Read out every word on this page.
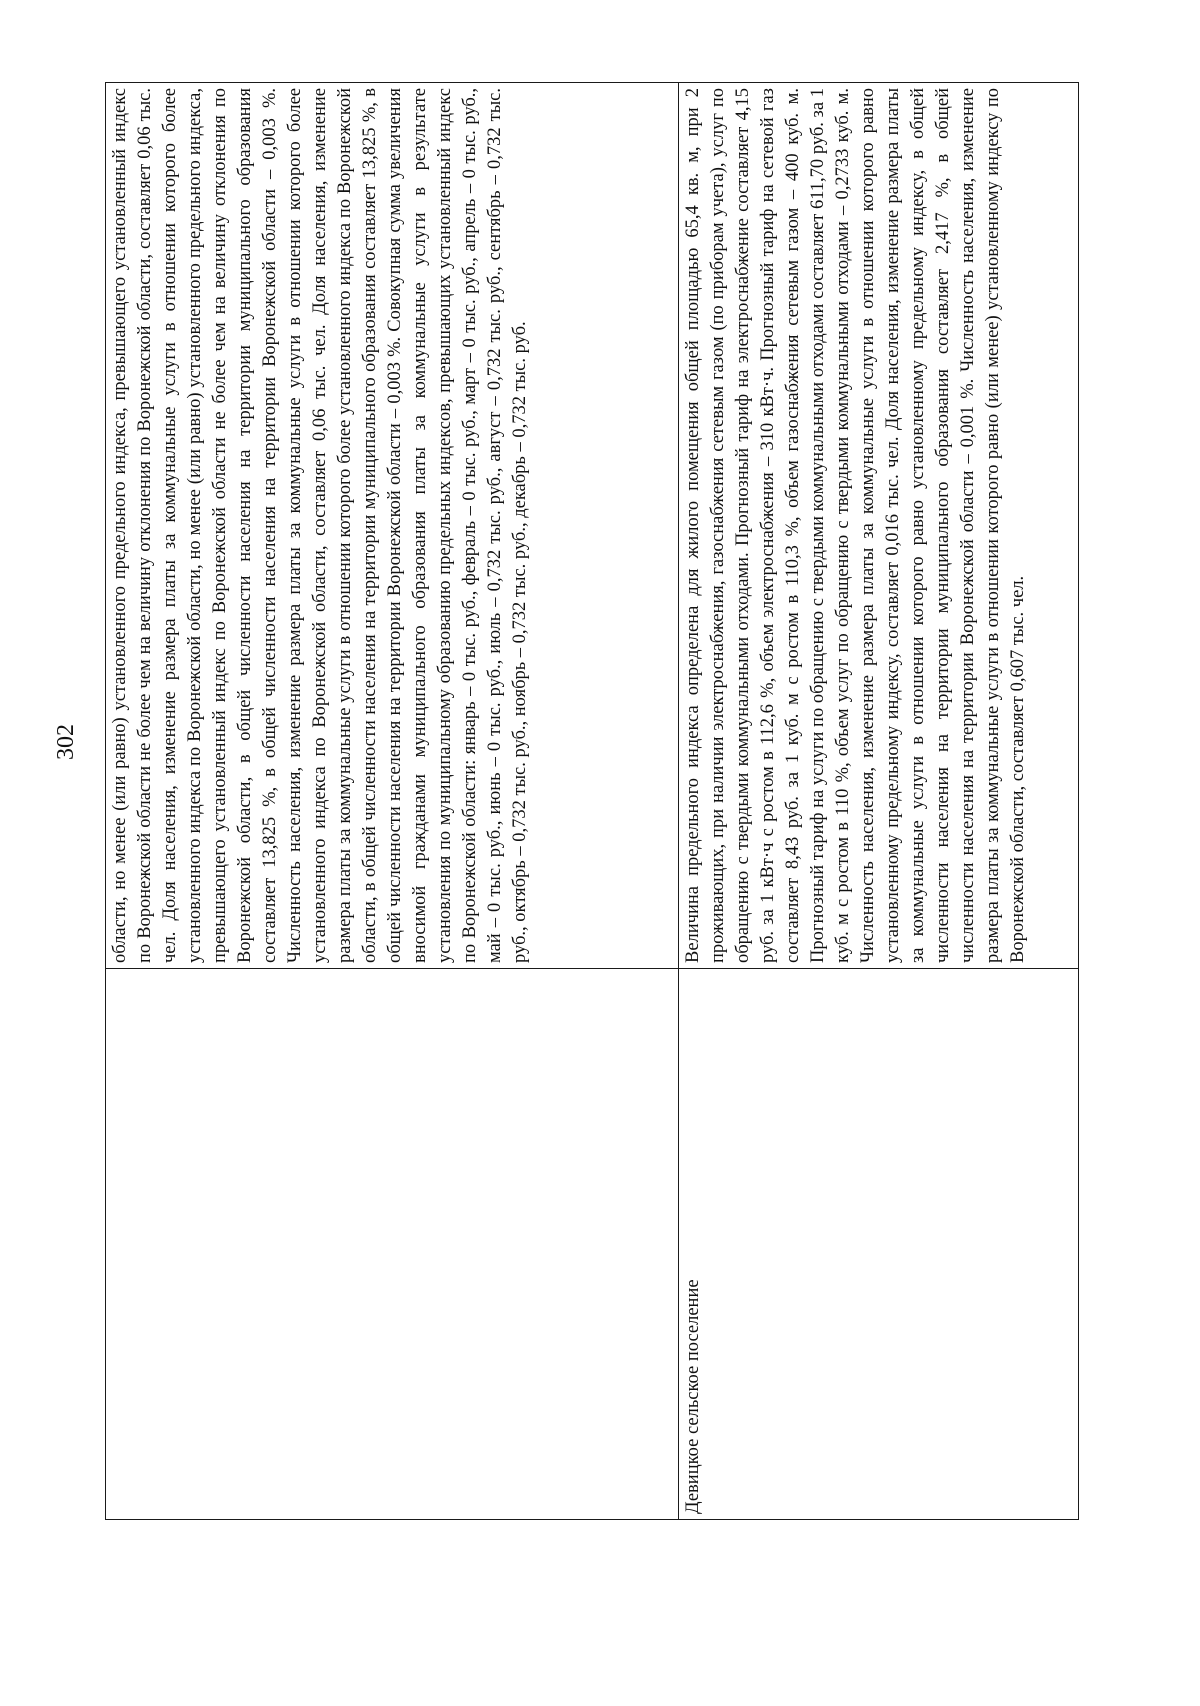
302

	области, но менее (или равно) установленного предельного индекса, превышающего установленный индекс по Воронежской области не более чем на величину отклонения по Воронежской области, составляет 0,06 тыс. чел. Доля населения, изменение размера платы за коммунальные услуги в отношении которого более установленного индекса по Воронежской области, но менее (или равно) установленного предельного индекса, превышающего установленный индекс по Воронежской области не более чем на величину отклонения по Воронежской области, в общей численности населения на территории муниципального образования составляет 13,825 %, в общей численности населения на территории Воронежской области – 0,003 %. Численность населения, изменение размера платы за коммунальные услуги в отношении которого более установленного индекса по Воронежской области, составляет 0,06 тыс. чел. Доля населения, изменение размера платы за коммунальные услуги в отношении которого более установленного индекса по Воронежской области, в общей численности населения на территории муниципального образования составляет 13,825 %, в общей численности населения на территории Воронежской области – 0,003 %. Совокупная сумма увеличения вносимой гражданами муниципального образования платы за коммунальные услуги в результате установления по муниципальному образованию предельных индексов, превышающих установленный индекс по Воронежской области: январь – 0 тыс. руб., февраль – 0 тыс. руб., март – 0 тыс. руб., апрель – 0 тыс. руб., май – 0 тыс. руб., июнь – 0 тыс. руб., июль – 0,732 тыс. руб., август – 0,732 тыс. руб., сентябрь – 0,732 тыс. руб., октябрь – 0,732 тыс. руб., ноябрь – 0,732 тыс. руб., декабрь – 0,732 тыс. руб.

Девицкое сельское поселение	Величина предельного индекса определена для жилого помещения общей площадью 65,4 кв. м, при 2 проживающих, при наличии электроснабжения, газоснабжения сетевым газом (по приборам учета), услуг по обращению с твердыми коммунальными отходами. Прогнозный тариф на электроснабжение составляет 4,15 руб. за 1 кВт·ч с ростом в 112,6 %, объем электроснабжения – 310 кВт·ч. Прогнозный тариф на сетевой газ составляет 8,43 руб. за 1 куб. м с ростом в 110,3 %, объем газоснабжения сетевым газом – 400 куб. м. Прогнозный тариф на услуги по обращению с твердыми коммунальными отходами составляет 611,70 руб. за 1 куб. м с ростом в 110 %, объем услуг по обращению с твердыми коммунальными отходами – 0,2733 куб. м. Численность населения, изменение размера платы за коммунальные услуги в отношении которого равно установленному предельному индексу, составляет 0,016 тыс. чел. Доля населения, изменение размера платы за коммунальные услуги в отношении которого равно установленному предельному индексу, в общей численности населения на территории муниципального образования составляет 2,417 %, в общей численности населения на территории Воронежской области – 0,001 %. Численность населения, изменение размера платы за коммунальные услуги в отношении которого равно (или менее) установленному индексу по Воронежской области, составляет 0,607 тыс. чел.
